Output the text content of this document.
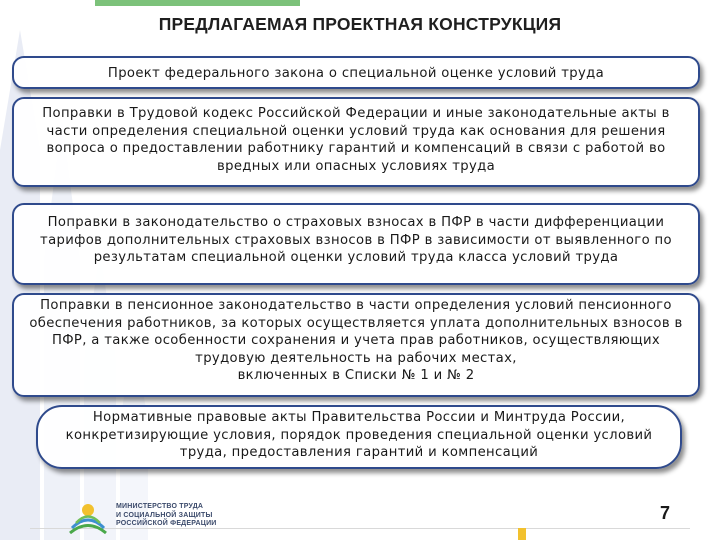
ПРЕДЛАГАЕМАЯ ПРОЕКТНАЯ КОНСТРУКЦИЯ

Проект федерального закона о специальной оценке условий труда

Поправки в Трудовой кодекс Российской Федерации и иные законодательные акты в части определения специальной оценки условий труда как основания для решения вопроса о предоставлении работнику гарантий и компенсаций в связи с работой во вредных или опасных условиях труда

Поправки в законодательство о страховых взносах в ПФР в части дифференциации тарифов дополнительных страховых взносов в ПФР в зависимости от выявленного по результатам специальной оценки условий труда класса условий труда

Поправки в пенсионное законодательство в части определения условий пенсионного обеспечения работников, за которых осуществляется уплата дополнительных взносов в ПФР, а также особенности сохранения и учета прав работников, осуществляющих трудовую деятельность на рабочих местах,

включенных в Списки № 1 и № 2

Нормативные правовые акты Правительства России и Минтруда России, конкретизирующие условия, порядок проведения специальной оценки условий труда, предоставления гарантий и компенсаций

МИНИСТЕРСТВО ТРУДА
И СОЦИАЛЬНОЙ ЗАЩИТЫ
РОССИЙСКОЙ ФЕДЕРАЦИИ
7
